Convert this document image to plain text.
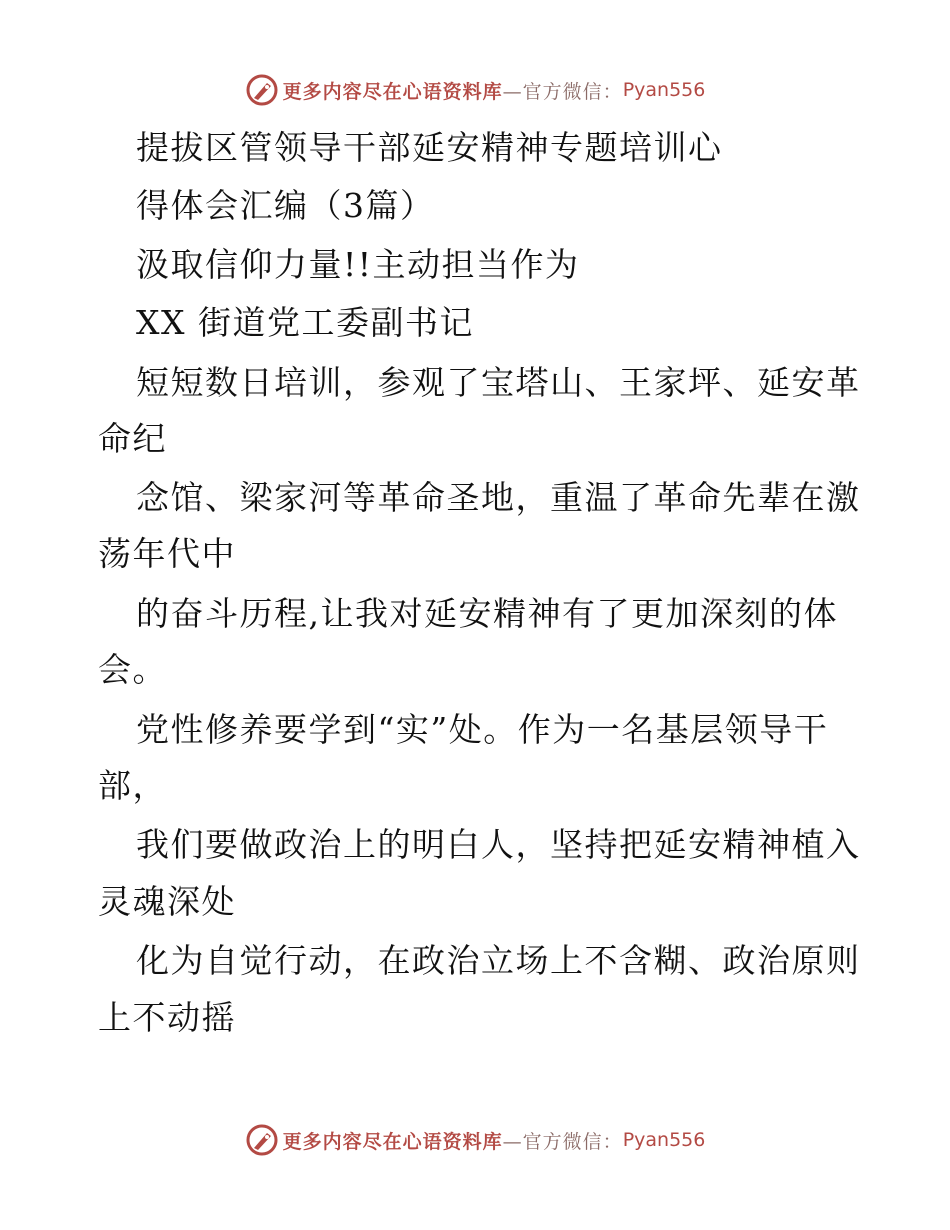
更多内容尽在心语资料库 —官方微信： Pyan556
提拔区管领导干部延安精神专题培训心
得体会汇编（3篇）
汲取信仰力量!!主动担当作为
XX 街道党工委副书记
短短数日培训，参观了宝塔山、王家坪、延安革
命纪
念馆、梁家河等革命圣地，重温了革命先辈在激
荡年代中
的奋斗历程,让我对延安精神有了更加深刻的体
会。
党性修养要学到“实”处。作为一名基层领导干
部，
我们要做政治上的明白人，坚持把延安精神植入
灵魂深处
化为自觉行动，在政治立场上不含糊、政治原则
上不动摇
更多内容尽在心语资料库 —官方微信： Pyan556
